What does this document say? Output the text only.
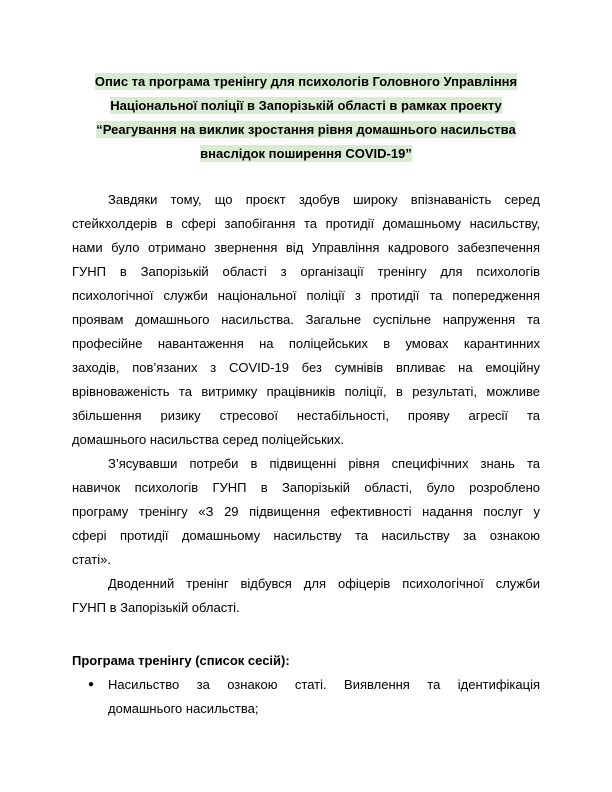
Опис та програма тренінгу для психологів Головного Управління
Національної поліції в Запорізькій області в рамках проекту
“Реагування на виклик зростання рівня домашнього насильства
внаслідок поширення COVID-19”
Завдяки тому, що проєкт здобув широку впізнаваність серед
стейкхолдерів в сфері запобігання та протидії домашньому насильству,
нами було отримано звернення від Управління кадрового забезпечення
ГУНП в Запорізькій області з організації тренінгу для психологів
психологічної служби національної поліції з протидії та попередження
проявам домашнього насильства. Загальне суспільне напруження та
професійне навантаження на поліцейських в умовах карантинних
заходів, пов’язаних з COVID-19 без сумнівів впливає на емоційну
врівноваженість та витримку працівників поліції, в результаті, можливе
збільшення ризику стресової нестабільності, прояву агресії та
домашнього насильства серед поліцейських.
З’ясувавши потреби в підвищенні рівня специфічних знань та
навичок психологів ГУНП в Запорізькій області, було розроблено
програму тренінгу «З 29 підвищення ефективності надання послуг у
сфері протидії домашньому насильству та насильству за ознакою
статі».
Дводенний тренінг відбувся для офіцерів психологічної служби
ГУНП в Запорізькій області.
Програма тренінгу (список сесій):
● Насильство за ознакою статі. Виявлення та ідентифікація
домашнього насильства;
